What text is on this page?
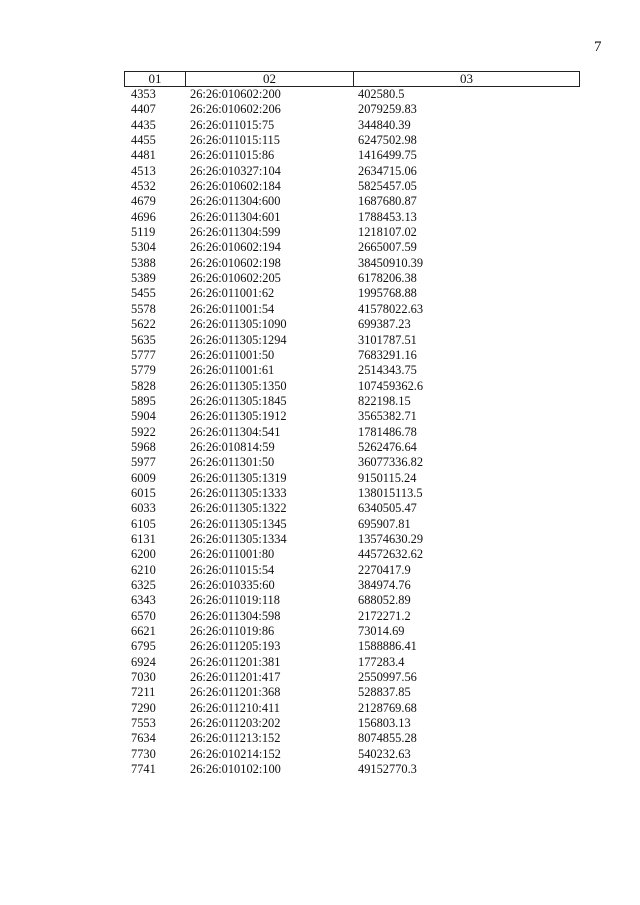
7
01	02	03
4353	26:26:010602:200	402580.5
4407	26:26:010602:206	2079259.83
4435	26:26:011015:75	344840.39
4455	26:26:011015:115	6247502.98
4481	26:26:011015:86	1416499.75
4513	26:26:010327:104	2634715.06
4532	26:26:010602:184	5825457.05
4679	26:26:011304:600	1687680.87
4696	26:26:011304:601	1788453.13
5119	26:26:011304:599	1218107.02
5304	26:26:010602:194	2665007.59
5388	26:26:010602:198	38450910.39
5389	26:26:010602:205	6178206.38
5455	26:26:011001:62	1995768.88
5578	26:26:011001:54	41578022.63
5622	26:26:011305:1090	699387.23
5635	26:26:011305:1294	3101787.51
5777	26:26:011001:50	7683291.16
5779	26:26:011001:61	2514343.75
5828	26:26:011305:1350	107459362.6
5895	26:26:011305:1845	822198.15
5904	26:26:011305:1912	3565382.71
5922	26:26:011304:541	1781486.78
5968	26:26:010814:59	5262476.64
5977	26:26:011301:50	36077336.82
6009	26:26:011305:1319	9150115.24
6015	26:26:011305:1333	138015113.5
6033	26:26:011305:1322	6340505.47
6105	26:26:011305:1345	695907.81
6131	26:26:011305:1334	13574630.29
6200	26:26:011001:80	44572632.62
6210	26:26:011015:54	2270417.9
6325	26:26:010335:60	384974.76
6343	26:26:011019:118	688052.89
6570	26:26:011304:598	2172271.2
6621	26:26:011019:86	73014.69
6795	26:26:011205:193	1588886.41
6924	26:26:011201:381	177283.4
7030	26:26:011201:417	2550997.56
7211	26:26:011201:368	528837.85
7290	26:26:011210:411	2128769.68
7553	26:26:011203:202	156803.13
7634	26:26:011213:152	8074855.28
7730	26:26:010214:152	540232.63
7741	26:26:010102:100	49152770.3
